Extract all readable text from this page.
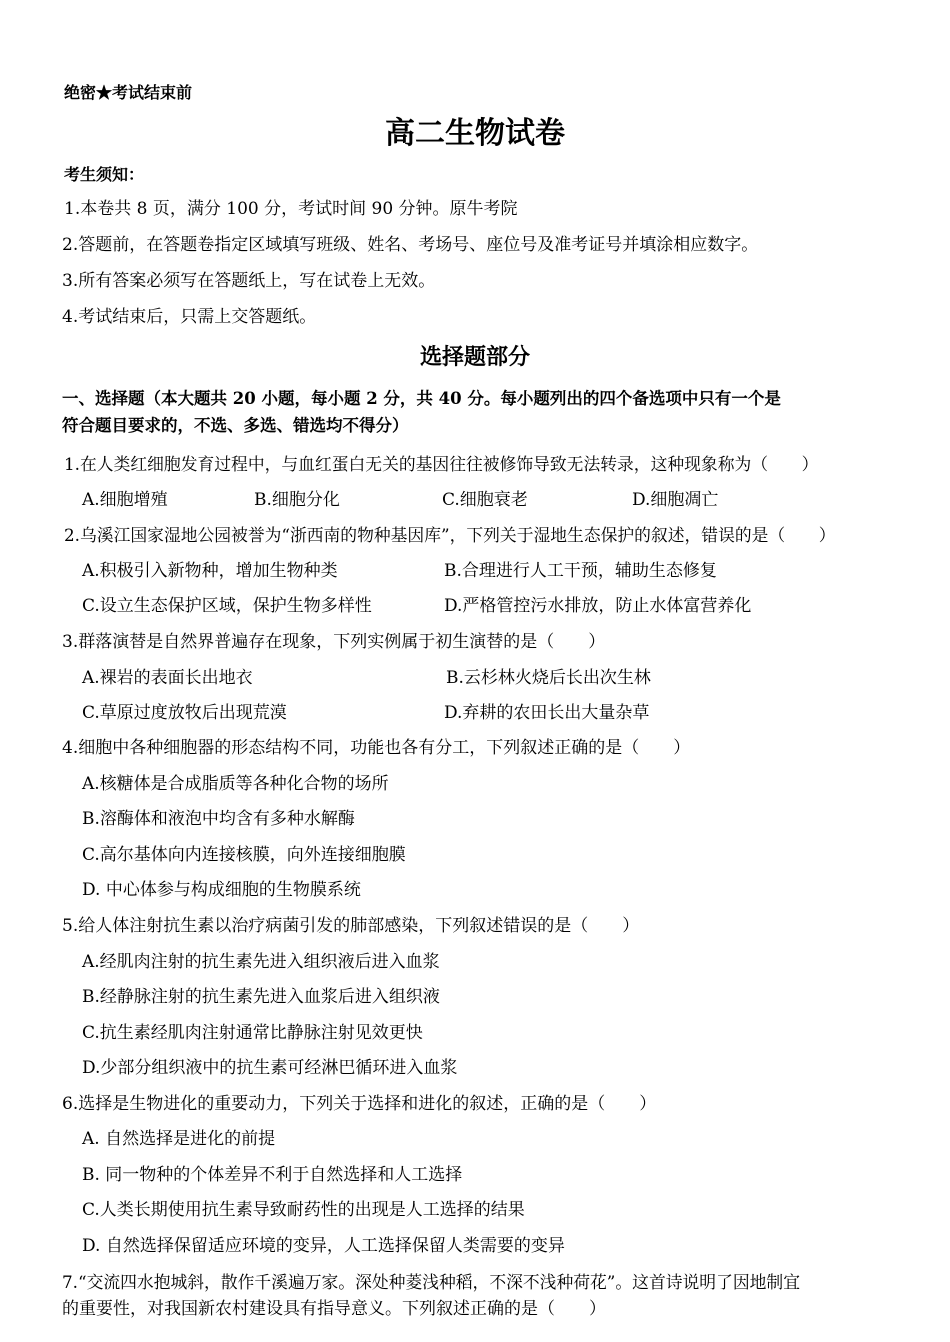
绝密★考试结束前
高二生物试卷
考生须知：
1.本卷共 8 页，满分 100 分，考试时间 90 分钟。原牛考院
2.答题前，在答题卷指定区域填写班级、姓名、考场号、座位号及准考证号并填涂相应数字。
3.所有答案必须写在答题纸上，写在试卷上无效。
4.考试结束后，只需上交答题纸。
选择题部分
一、选择题（本大题共 20 小题，每小题 2 分，共 40 分。每小题列出的四个备选项中只有一个是
符合题目要求的，不选、多选、错选均不得分）
1.在人类红细胞发育过程中，与血红蛋白无关的基因往往被修饰导致无法转录，这种现象称为（　　）
A.细胞增殖	B.细胞分化	C.细胞衰老	D.细胞凋亡
2.乌溪江国家湿地公园被誉为“浙西南的物种基因库”，下列关于湿地生态保护的叙述，错误的是（　　）
A.积极引入新物种，增加生物种类	B.合理进行人工干预，辅助生态修复
C.设立生态保护区域，保护生物多样性	D.严格管控污水排放，防止水体富营养化
3.群落演替是自然界普遍存在现象，下列实例属于初生演替的是（　　）
A.裸岩的表面长出地衣	B.云杉林火烧后长出次生林
C.草原过度放牧后出现荒漠	D.弃耕的农田长出大量杂草
4.细胞中各种细胞器的形态结构不同，功能也各有分工，下列叙述正确的是（　　）
A.核糖体是合成脂质等各种化合物的场所
B.溶酶体和液泡中均含有多种水解酶
C.高尔基体向内连接核膜，向外连接细胞膜
D. 中心体参与构成细胞的生物膜系统
5.给人体注射抗生素以治疗病菌引发的肺部感染，下列叙述错误的是（　　）
A.经肌肉注射的抗生素先进入组织液后进入血浆
B.经静脉注射的抗生素先进入血浆后进入组织液
C.抗生素经肌肉注射通常比静脉注射见效更快
D.少部分组织液中的抗生素可经淋巴循环进入血浆
6.选择是生物进化的重要动力，下列关于选择和进化的叙述，正确的是（　　）
A. 自然选择是进化的前提
B. 同一物种的个体差异不利于自然选择和人工选择
C.人类长期使用抗生素导致耐药性的出现是人工选择的结果
D. 自然选择保留适应环境的变异，人工选择保留人类需要的变异
7.“交流四水抱城斜，散作千溪遍万家。深处种菱浅种稻，不深不浅种荷花”。这首诗说明了因地制宜
的重要性，对我国新农村建设具有指导意义。下列叙述正确的是（　　）
